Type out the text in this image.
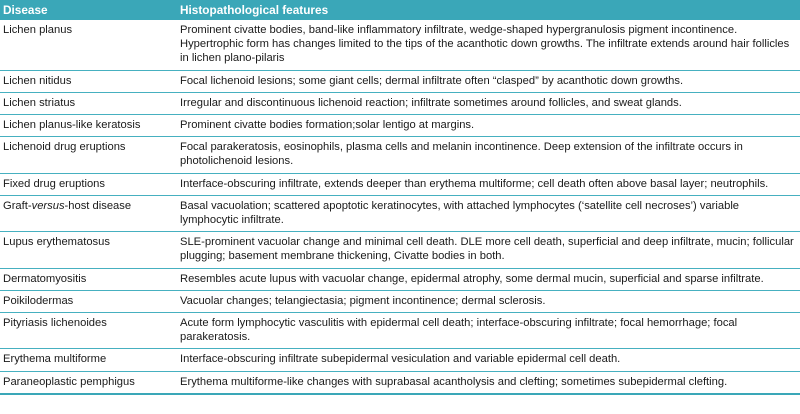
Disease	Histopathological features
Lichen planus	Prominent civatte bodies, band-like inflammatory infiltrate, wedge-shaped hypergranulosis pigment incontinence. Hypertrophic form has changes limited to the tips of the acanthotic down growths. The infiltrate extends around hair follicles in lichen plano-pilaris
Lichen nitidus	Focal lichenoid lesions; some giant cells; dermal infiltrate often “clasped” by acanthotic down growths.
Lichen striatus	Irregular and discontinuous lichenoid reaction; infiltrate sometimes around follicles, and sweat glands.
Lichen planus-like keratosis	Prominent civatte bodies formation;solar lentigo at margins.
Lichenoid drug eruptions	Focal parakeratosis, eosinophils, plasma cells and melanin incontinence. Deep extension of the infiltrate occurs in photolichenoid lesions.
Fixed drug eruptions	Interface-obscuring infiltrate, extends deeper than erythema multiforme; cell death often above basal layer; neutrophils.
Graft-versus-host disease	Basal vacuolation; scattered apoptotic keratinocytes, with attached lymphocytes (‘satellite cell necroses’) variable lymphocytic infiltrate.
Lupus erythematosus	SLE-prominent vacuolar change and minimal cell death. DLE more cell death, superficial and deep infiltrate, mucin; follicular plugging; basement membrane thickening, Civatte bodies in both.
Dermatomyositis	Resembles acute lupus with vacuolar change, epidermal atrophy, some dermal mucin, superficial and sparse infiltrate.
Poikilodermas	Vacuolar changes; telangiectasia; pigment incontinence; dermal sclerosis.
Pityriasis lichenoides	Acute form lymphocytic vasculitis with epidermal cell death; interface-obscuring infiltrate; focal hemorrhage; focal parakeratosis.
Erythema multiforme	Interface-obscuring infiltrate subepidermal vesiculation and variable epidermal cell death.
Paraneoplastic pemphigus	Erythema multiforme-like changes with suprabasal acantholysis and clefting; sometimes subepidermal clefting.
